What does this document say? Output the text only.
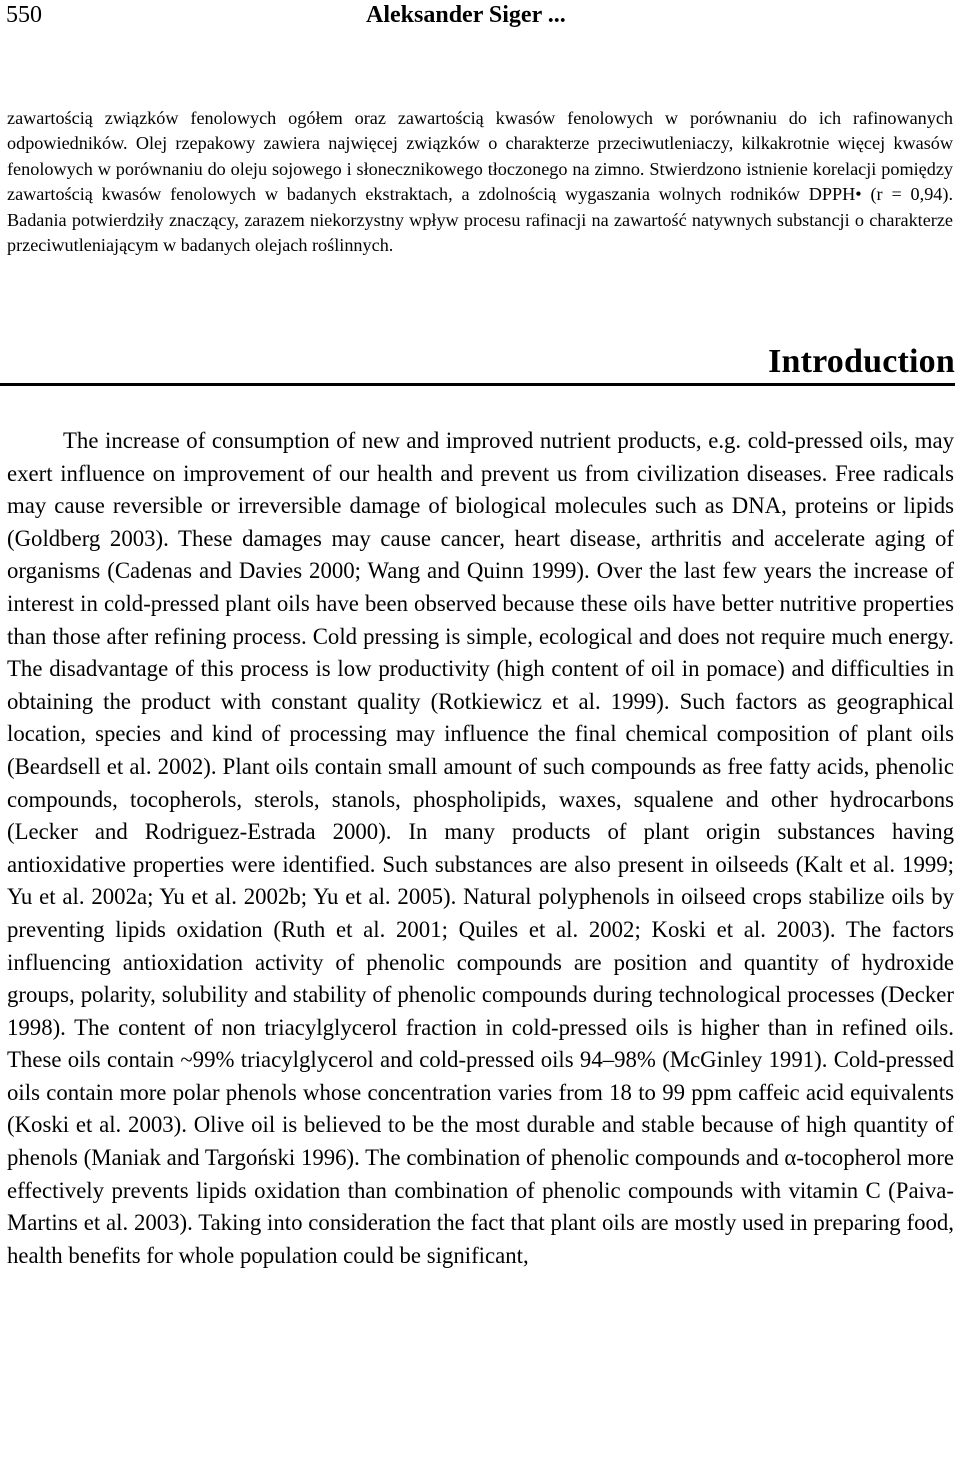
550	Aleksander Siger ...

zawartością związków fenolowych ogółem oraz zawartością kwasów fenolowych w porównaniu do ich rafinowanych odpowiedników. Olej rzepakowy zawiera najwięcej związków o charakterze przeciwutleniaczy, kilkakrotnie więcej kwasów fenolowych w porównaniu do oleju sojowego i słonecznikowego tłoczonego na zimno. Stwierdzono istnienie korelacji pomiędzy zawartością kwasów fenolowych w badanych ekstraktach, a zdolnością wygaszania wolnych rodników DPPH• (r = 0,94). Badania potwierdziły znaczący, zarazem niekorzystny wpływ procesu rafinacji na zawartość natywnych substancji o charakterze przeciwutleniającym w badanych olejach roślinnych.

Introduction

The increase of consumption of new and improved nutrient products, e.g. cold-pressed oils, may exert influence on improvement of our health and prevent us from civilization diseases. Free radicals may cause reversible or irreversible damage of biological molecules such as DNA, proteins or lipids (Goldberg 2003). These damages may cause cancer, heart disease, arthritis and accelerate aging of organisms (Cadenas and Davies 2000; Wang and Quinn 1999). Over the last few years the increase of interest in cold-pressed plant oils have been observed because these oils have better nutritive properties than those after refining process. Cold pressing is simple, ecological and does not require much energy. The disadvantage of this process is low productivity (high content of oil in pomace) and difficulties in obtaining the product with constant quality (Rotkiewicz et al. 1999). Such factors as geographical location, species and kind of processing may influence the final chemical composition of plant oils (Beardsell et al. 2002). Plant oils contain small amount of such compounds as free fatty acids, phenolic compounds, tocopherols, sterols, stanols, phospholipids, waxes, squalene and other hydrocarbons (Lecker and Rodriguez-Estrada 2000). In many products of plant origin substances having antioxidative properties were identified. Such substances are also present in oilseeds (Kalt et al. 1999; Yu et al. 2002a; Yu et al. 2002b; Yu et al. 2005). Natural polyphenols in oilseed crops stabilize oils by preventing lipids oxidation (Ruth et al. 2001; Quiles et al. 2002; Koski et al. 2003). The factors influencing antioxidation activity of phenolic compounds are position and quantity of hydroxide groups, polarity, solubility and stability of phenolic compounds during technological processes (Decker 1998). The content of non triacylglycerol fraction in cold-pressed oils is higher than in refined oils. These oils contain ~99% triacylglycerol and cold-pressed oils 94–98% (McGinley 1991). Cold-pressed oils contain more polar phenols whose concentration varies from 18 to 99 ppm caffeic acid equivalents (Koski et al. 2003). Olive oil is believed to be the most durable and stable because of high quantity of phenols (Maniak and Targoński 1996). The combination of phenolic compounds and α-tocopherol more effectively prevents lipids oxidation than combination of phenolic compounds with vitamin C (Paiva-Martins et al. 2003). Taking into consideration the fact that plant oils are mostly used in preparing food, health benefits for whole population could be significant,
